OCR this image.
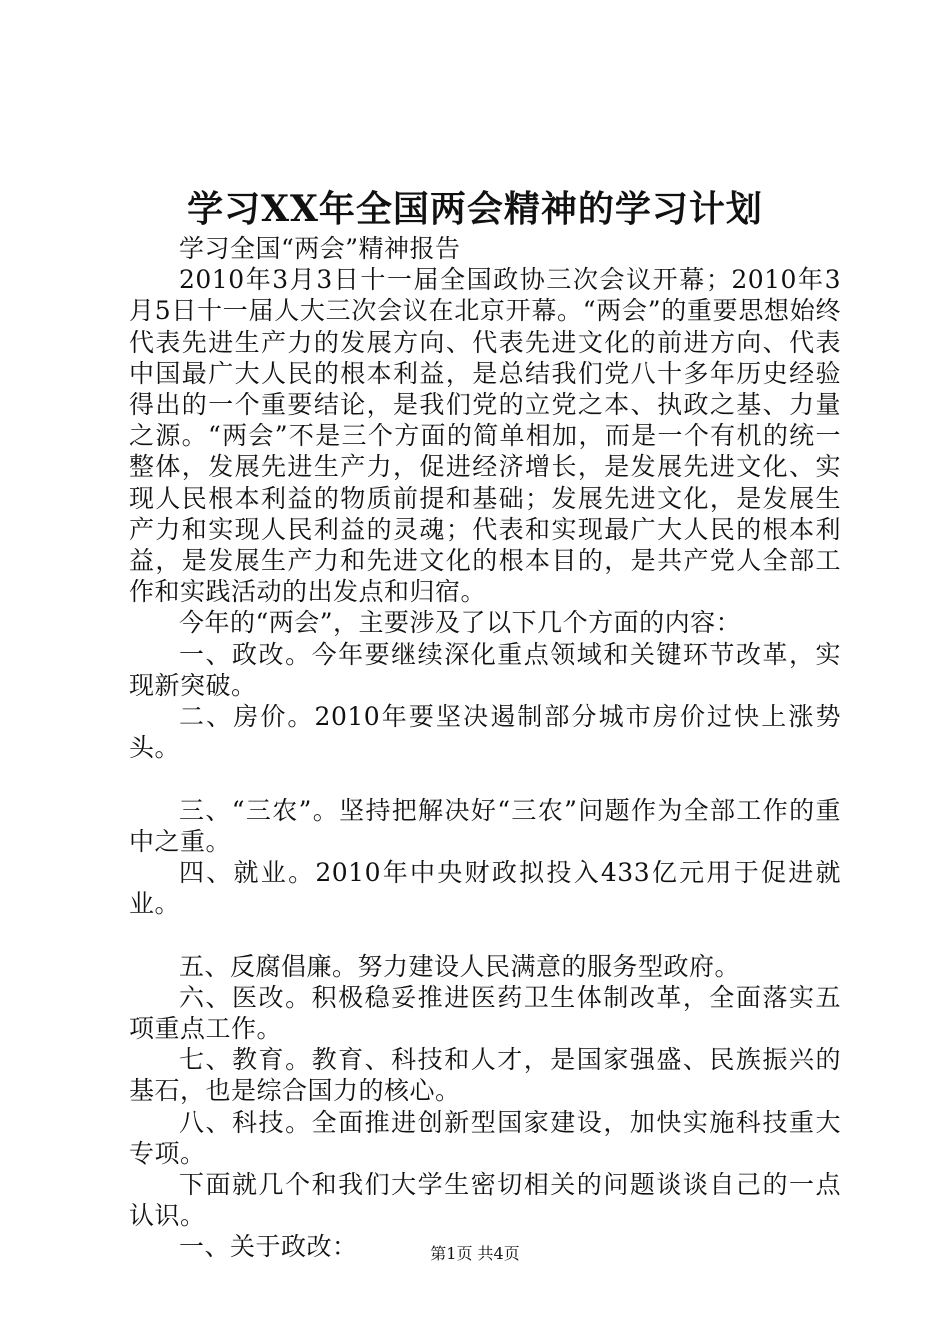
学习XX年全国两会精神的学习计划

学习全国“两会”精神报告

2010年3月3日十一届全国政协三次会议开幕；2010年3月5日十一届人大三次会议在北京开幕。“两会”的重要思想始终代表先进生产力的发展方向、代表先进文化的前进方向、代表中国最广大人民的根本利益，是总结我们党八十多年历史经验得出的一个重要结论，是我们党的立党之本、执政之基、力量之源。“两会”不是三个方面的简单相加，而是一个有机的统一整体，发展先进生产力，促进经济增长，是发展先进文化、实现人民根本利益的物质前提和基础；发展先进文化，是发展生产力和实现人民利益的灵魂；代表和实现最广大人民的根本利益，是发展生产力和先进文化的根本目的，是共产党人全部工作和实践活动的出发点和归宿。

今年的“两会”，主要涉及了以下几个方面的内容：

一、政改。今年要继续深化重点领域和关键环节改革，实现新突破。

二、房价。2010年要坚决遏制部分城市房价过快上涨势头。

三、“三农”。坚持把解决好“三农”问题作为全部工作的重中之重。

四、就业。2010年中央财政拟投入433亿元用于促进就业。

五、反腐倡廉。努力建设人民满意的服务型政府。

六、医改。积极稳妥推进医药卫生体制改革，全面落实五项重点工作。

七、教育。教育、科技和人才，是国家强盛、民族振兴的基石，也是综合国力的核心。

八、科技。全面推进创新型国家建设，加快实施科技重大专项。

下面就几个和我们大学生密切相关的问题谈谈自己的一点认识。

一、关于政改：	第1页 共4页
